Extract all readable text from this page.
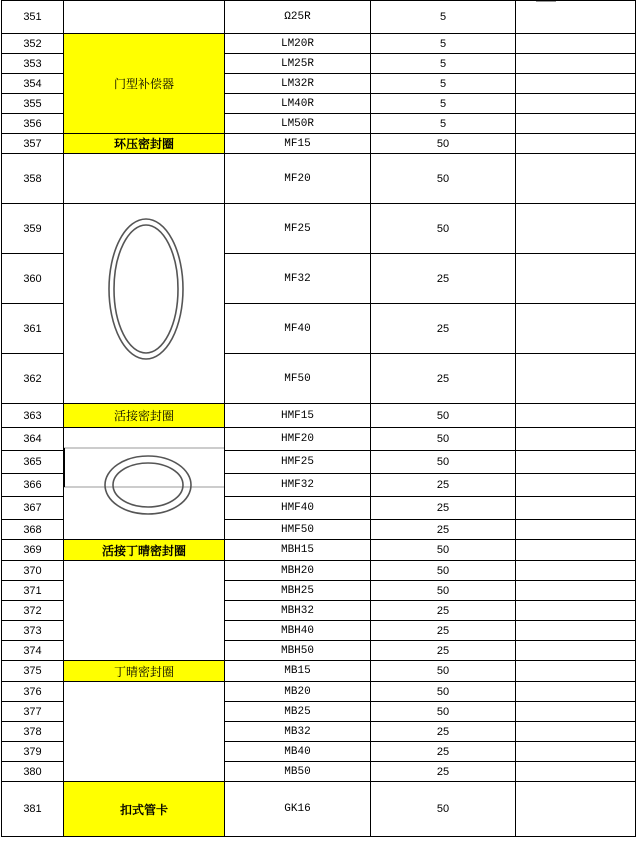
351		Ω25R	5	
352	门型补偿器	LM20R	5	
353		LM25R	5	
354		LM32R	5	
355		LM40R	5	
356		LM50R	5	
357	环压密封圈	MF15	50	
358		MF20	50	
359		MF25	50	
360		MF32	25	
361		MF40	25	
362		MF50	25	
363	活接密封圈	HMF15	50	
364		HMF20	50	
365		HMF25	50	
366		HMF32	25	
367		HMF40	25	
368		HMF50	25	
369	活接丁晴密封圈	MBH15	50	
370		MBH20	50	
371		MBH25	50	
372		MBH32	25	
373		MBH40	25	
374		MBH50	25	
375	丁晴密封圈	MB15	50	
376		MB20	50	
377		MB25	50	
378		MB32	25	
379		MB40	25	
380		MB50	25	
381	扣式管卡	GK16	50	
